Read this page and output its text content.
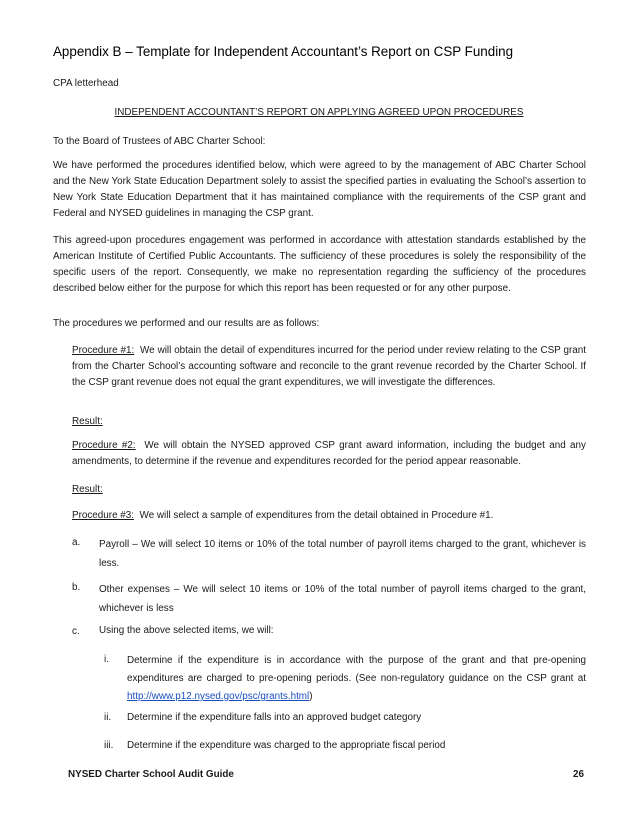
Appendix B – Template for Independent Accountant’s Report on CSP Funding
CPA letterhead
INDEPENDENT ACCOUNTANT’S REPORT ON APPLYING AGREED UPON PROCEDURES
To the Board of Trustees of ABC Charter School:
We have performed the procedures identified below, which were agreed to by the management of ABC Charter School and the New York State Education Department solely to assist the specified parties in evaluating the School’s assertion to New York State Education Department that it has maintained compliance with the requirements of the CSP grant and Federal and NYSED guidelines in managing the CSP grant.
This agreed-upon procedures engagement was performed in accordance with attestation standards established by the American Institute of Certified Public Accountants. The sufficiency of these procedures is solely the responsibility of the specific users of the report. Consequently, we make no representation regarding the sufficiency of the procedures described below either for the purpose for which this report has been requested or for any other purpose.
The procedures we performed and our results are as follows:
Procedure #1: We will obtain the detail of expenditures incurred for the period under review relating to the CSP grant from the Charter School’s accounting software and reconcile to the grant revenue recorded by the Charter School. If the CSP grant revenue does not equal the grant expenditures, we will investigate the differences.
Result:
Procedure #2: We will obtain the NYSED approved CSP grant award information, including the budget and any amendments, to determine if the revenue and expenditures recorded for the period appear reasonable.
Result:
Procedure #3: We will select a sample of expenditures from the detail obtained in Procedure #1.
a. Payroll – We will select 10 items or 10% of the total number of payroll items charged to the grant, whichever is less.
b. Other expenses – We will select 10 items or 10% of the total number of payroll items charged to the grant, whichever is less
c. Using the above selected items, we will:
i. Determine if the expenditure is in accordance with the purpose of the grant and that pre-opening expenditures are charged to pre-opening periods. (See non-regulatory guidance on the CSP grant at http://www.p12.nysed.gov/psc/grants.html)
ii. Determine if the expenditure falls into an approved budget category
iii. Determine if the expenditure was charged to the appropriate fiscal period
NYSED Charter School Audit Guide	26
